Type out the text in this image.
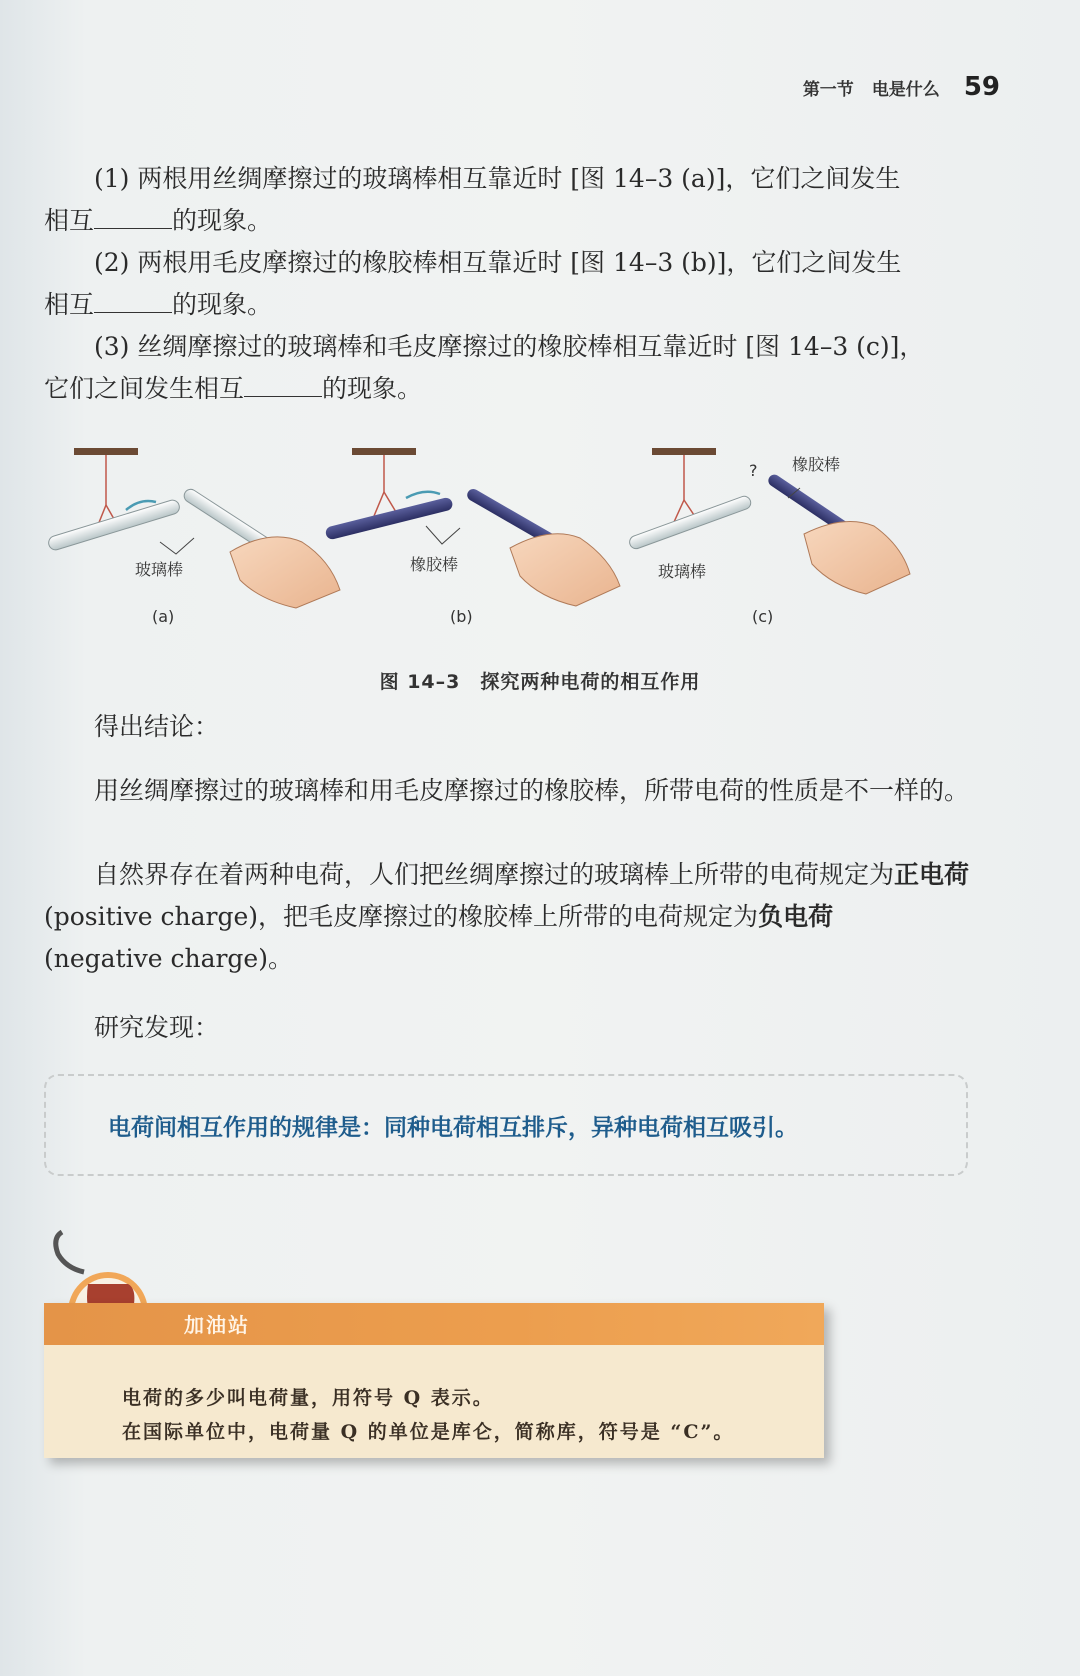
第一节 电是什么 59

(1) 两根用丝绸摩擦过的玻璃棒相互靠近时 [图 14–3 (a)]，它们之间发生

相互	的现象。

(2) 两根用毛皮摩擦过的橡胶棒相互靠近时 [图 14–3 (b)]，它们之间发生

相互	的现象。

(3) 丝绸摩擦过的玻璃棒和毛皮摩擦过的橡胶棒相互靠近时 [图 14–3 (c)]，

它们之间发生相互	的现象。

玻璃棒
(a)
橡胶棒
(b)
? 橡胶棒
玻璃棒
(c)
图 14–3 探究两种电荷的相互作用

得出结论：

用丝绸摩擦过的玻璃棒和用毛皮摩擦过的橡胶棒，所带电荷的性质是不一样的。

自然界存在着两种电荷，人们把丝绸摩擦过的玻璃棒上所带的电荷规定为正电荷 (positive charge)，把毛皮摩擦过的橡胶棒上所带的电荷规定为负电荷
(negative charge)。

研究发现：

电荷间相互作用的规律是：同种电荷相互排斥，异种电荷相互吸引。
加油站
电荷的多少叫电荷量，用符号 Q 表示。
在国际单位中，电荷量 Q 的单位是库仑，简称库，符号是 “C”。
